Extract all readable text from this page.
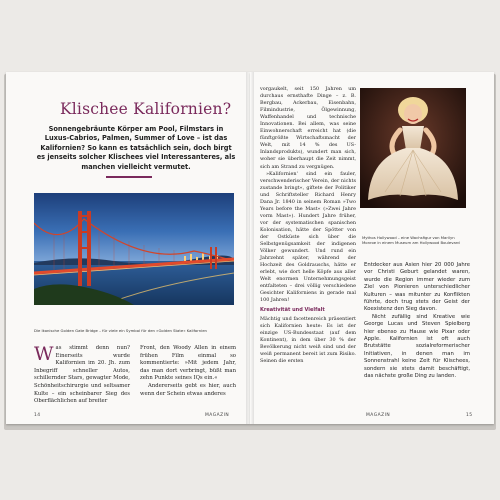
Klischee Kalifornien?
Sonnengebräunte Körper am Pool, Filmstars in Luxus-Cabrios, Palmen, Summer of Love – ist das Kalifornien? So kann es tatsächlich sein, doch birgt es jenseits solcher Klischees viel Interessanteres, als manchen vielleicht vermutet.
Die Ikonische Golden Gate Bridge – für viele ein Symbol für den »Golden State« Kalifornien

Was stimmt denn nun? Einerseits wurde Kalifornien im 20. Jh. zum Inbegriff schneller Autos, schillernder Stars, gewagter Mode, Schönheitschirurgie und seltsamer Kulte – ein scheinbarer Sieg des Oberflächlichen auf breiter

Front, den Woody Allen in einem frühen Film einmal so kommentierte: »Mit jedem Jahr, das man dort verbringt, büßt man zehn Punkte seines IQs ein.«

Andererseits gebt es hier, auch wenn der Schein etwas anderes

14	MAGAZIN

vorgaukelt, seit 150 Jahren um durchaus ernsthafte Dinge – z. B. Bergbau, Ackerbau, Eisenbahn, Filmindustrie, Ölgewinnung, Waffenhandel und technische Innovationen. Bei allem, was seine Einwohnerschaft erreicht hat (die fünftgrößte Wirtschaftsmacht der Welt, mit 14 % des US-Inlandsprodukts), wundert man sich, woher sie überhaupt die Zeit nimmt, sich am Strand zu vergnügen.

»Kalifornien' sind ein fauler, verschwenderischer Verein, der nichts zustande bringt«, giftete der Politiker und Schriftsteller Richard Henry Dana Jr. 1840 in seinem Roman »Two Years before the Mast« (»Zwei Jahre vorm Mast«). Hundert Jahre früher, vor der systematischen spanischen Kolonisation, hätte der Spötter von der Ostküste sich über die Selbstgenügsamkeit der indigenen Völker gewundert. Und rund ein Jahrzehnt später, während der Hochzeit des Goldrauschs, hätte er erlebt, wie dort helle Köpfe aus aller Welt enormen Unternehmungsgeist entfalteten – drei völlig verschiedene Gesichter Kaliforniens in gerade mal 100 Jahren!

Kreativität und Vielfalt

Mächtig und facettenreich präsentiert sich Kalifornien heute: Es ist der einzige US-Bundesstaat (auf dem Kontinent), in dem über 30 % der Bevölkerung nicht weiß sind und der weiß permanent bereit ist zum Risiko. Seinen die ersten

Mythos Hollywood – eine Wachsfigur von Marilyn Monroe in einem Museum am Hollywood Boulevard

Entdecker aus Asien hier 20 000 Jahre vor Christi Geburt gelandet waren, wurde die Region immer wieder zum Ziel von Pionieren unterschiedlicher Kulturen – was mitunter zu Konflikten führte, doch trug stets der Geist der Koexistenz den Sieg davon.

Nicht zufällig sind Kreative wie George Lucas und Steven Spielberg hier ebenso zu Hause wie Pixar oder Apple. Kalifornien ist oft auch Brutstätte sozialreformerischer Initiativen, in denen man im Sonnenstrahl keine Zeit für Klischees, sondern sie stets damit beschäftigt, das nächste große Ding zu landen.

MAGAZIN	15
